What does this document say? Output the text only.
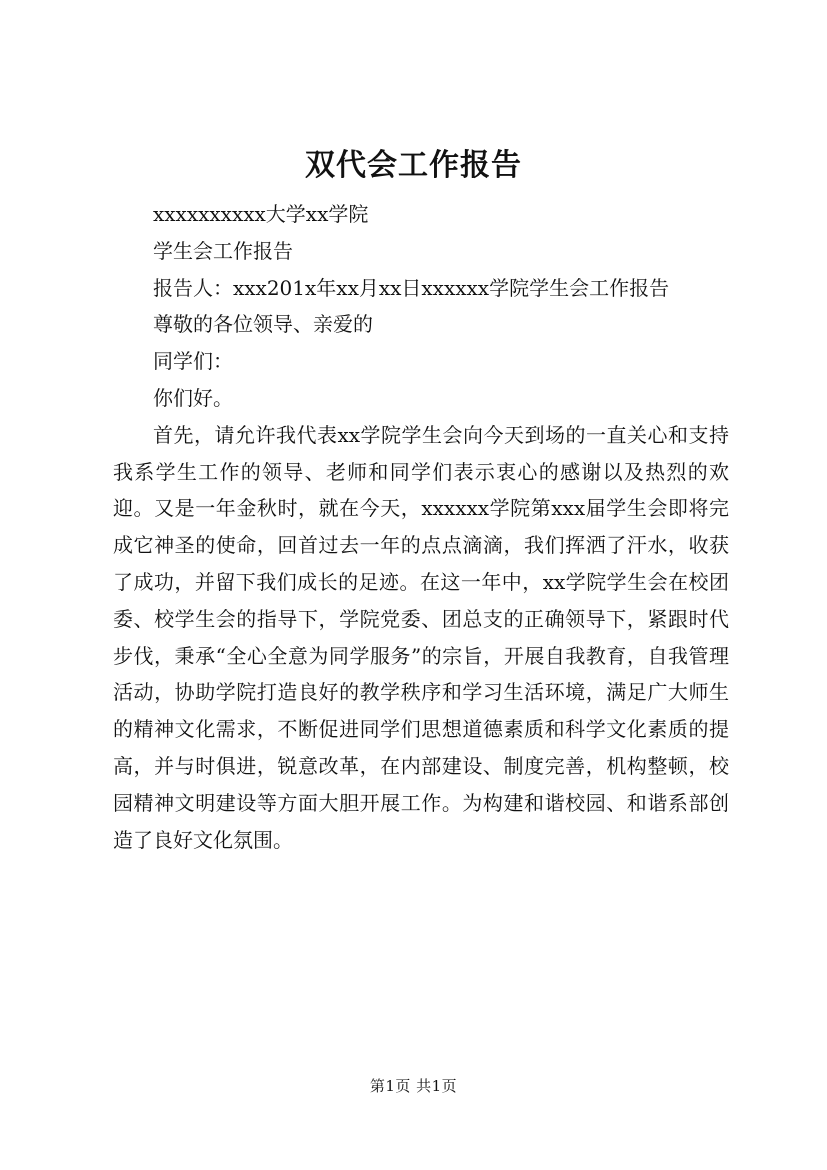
双代会工作报告

xxxxxxxxxx大学xx学院

学生会工作报告

报告人：xxx201x年xx月xx日xxxxxx学院学生会工作报告

尊敬的各位领导、亲爱的

同学们：

你们好。

首先，请允许我代表xx学院学生会向今天到场的一直关心和支持我系学生工作的领导、老师和同学们表示衷心的感谢以及热烈的欢迎。又是一年金秋时，就在今天，xxxxxx学院第xxx届学生会即将完成它神圣的使命，回首过去一年的点点滴滴，我们挥洒了汗水，收获了成功，并留下我们成长的足迹。在这一年中，xx学院学生会在校团委、校学生会的指导下，学院党委、团总支的正确领导下，紧跟时代步伐，秉承“全心全意为同学服务”的宗旨，开展自我教育，自我管理活动，协助学院打造良好的教学秩序和学习生活环境，满足广大师生的精神文化需求，不断促进同学们思想道德素质和科学文化素质的提高，并与时俱进，锐意改革，在内部建设、制度完善，机构整顿，校园精神文明建设等方面大胆开展工作。为构建和谐校园、和谐系部创造了良好文化氛围。

第1页 共1页
